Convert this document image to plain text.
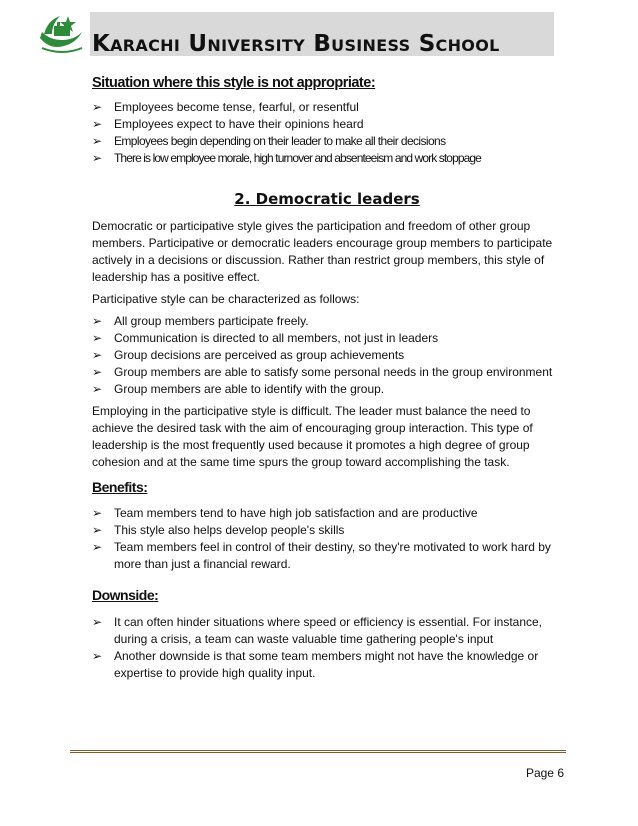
Karachi University Business School

Situation where this style is not appropriate:

➢ Employees become tense, fearful, or resentful
➢ Employees expect to have their opinions heard
➢ Employees begin depending on their leader to make all their decisions
➢ There is low employee morale, high turnover and absenteeism and work stoppage

2. Democratic leaders

Democratic or participative style gives the participation and freedom of other group members. Participative or democratic leaders encourage group members to participate actively in a decisions or discussion. Rather than restrict group members, this style of leadership has a positive effect.

Participative style can be characterized as follows:

➢ All group members participate freely.
➢ Communication is directed to all members, not just in leaders
➢ Group decisions are perceived as group achievements
➢ Group members are able to satisfy some personal needs in the group environment
➢ Group members are able to identify with the group.

Employing in the participative style is difficult. The leader must balance the need to achieve the desired task with the aim of encouraging group interaction. This type of leadership is the most frequently used because it promotes a high degree of group cohesion and at the same time spurs the group toward accomplishing the task.

Benefits:

➢ Team members tend to have high job satisfaction and are productive
➢ This style also helps develop people's skills
➢ Team members feel in control of their destiny, so they're motivated to work hard by more than just a financial reward.

Downside:

➢ It can often hinder situations where speed or efficiency is essential. For instance, during a crisis, a team can waste valuable time gathering people's input
➢ Another downside is that some team members might not have the knowledge or expertise to provide high quality input.
Page 6
